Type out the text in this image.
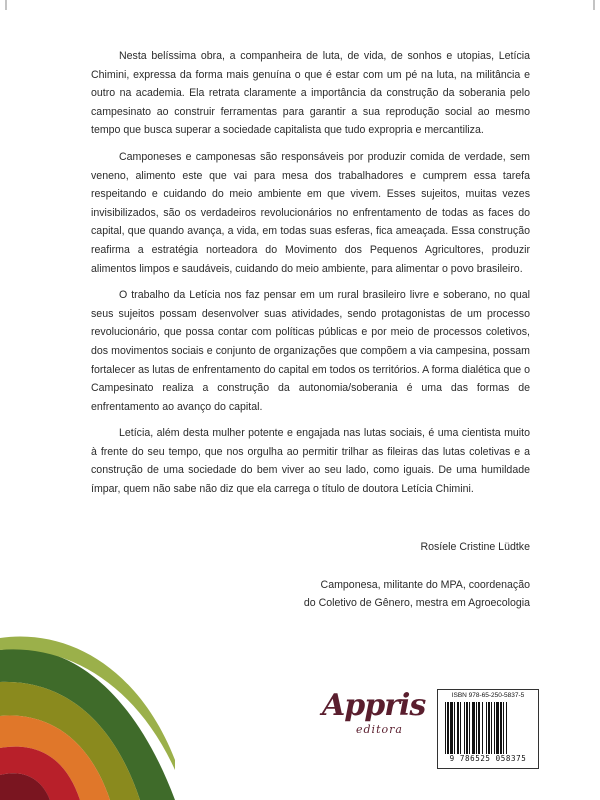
Nesta belíssima obra, a companheira de luta, de vida, de sonhos e utopias, Letícia Chimini, expressa da forma mais genuína o que é estar com um pé na luta, na militância e outro na academia. Ela retrata claramente a importância da construção da soberania pelo campesinato ao construir ferramentas para garantir a sua reprodução social ao mesmo tempo que busca superar a sociedade capitalista que tudo expropria e mercantiliza.

Camponeses e camponesas são responsáveis por produzir comida de verdade, sem veneno, alimento este que vai para mesa dos trabalhadores e cumprem essa tarefa respeitando e cuidando do meio ambiente em que vivem. Esses sujeitos, muitas vezes invisibilizados, são os verdadeiros revolucionários no enfrentamento de todas as faces do capital, que quando avança, a vida, em todas suas esferas, fica ameaçada. Essa construção reafirma a estratégia norteadora do Movimento dos Pequenos Agricultores, produzir alimentos limpos e saudáveis, cuidando do meio ambiente, para alimentar o povo brasileiro.

O trabalho da Letícia nos faz pensar em um rural brasileiro livre e soberano, no qual seus sujeitos possam desenvolver suas atividades, sendo protagonistas de um processo revolucionário, que possa contar com políticas públicas e por meio de processos coletivos, dos movimentos sociais e conjunto de organizações que compõem a via campesina, possam fortalecer as lutas de enfrentamento do capital em todos os territórios. A forma dialética que o Campesinato realiza a construção da autonomia/soberania é uma das formas de enfrentamento ao avanço do capital.

Letícia, além desta mulher potente e engajada nas lutas sociais, é uma cientista muito à frente do seu tempo, que nos orgulha ao permitir trilhar as fileiras das lutas coletivas e a construção de uma sociedade do bem viver ao seu lado, como iguais. De uma humildade ímpar, quem não sabe não diz que ela carrega o título de doutora Letícia Chimini.

Rosíele Cristine Lüdtke
Camponesa, militante do MPA, coordenação
do Coletivo de Gênero, mestra em Agroecologia
Appris
editora
ISBN 978-65-250-5837-5
9 786525 058375
